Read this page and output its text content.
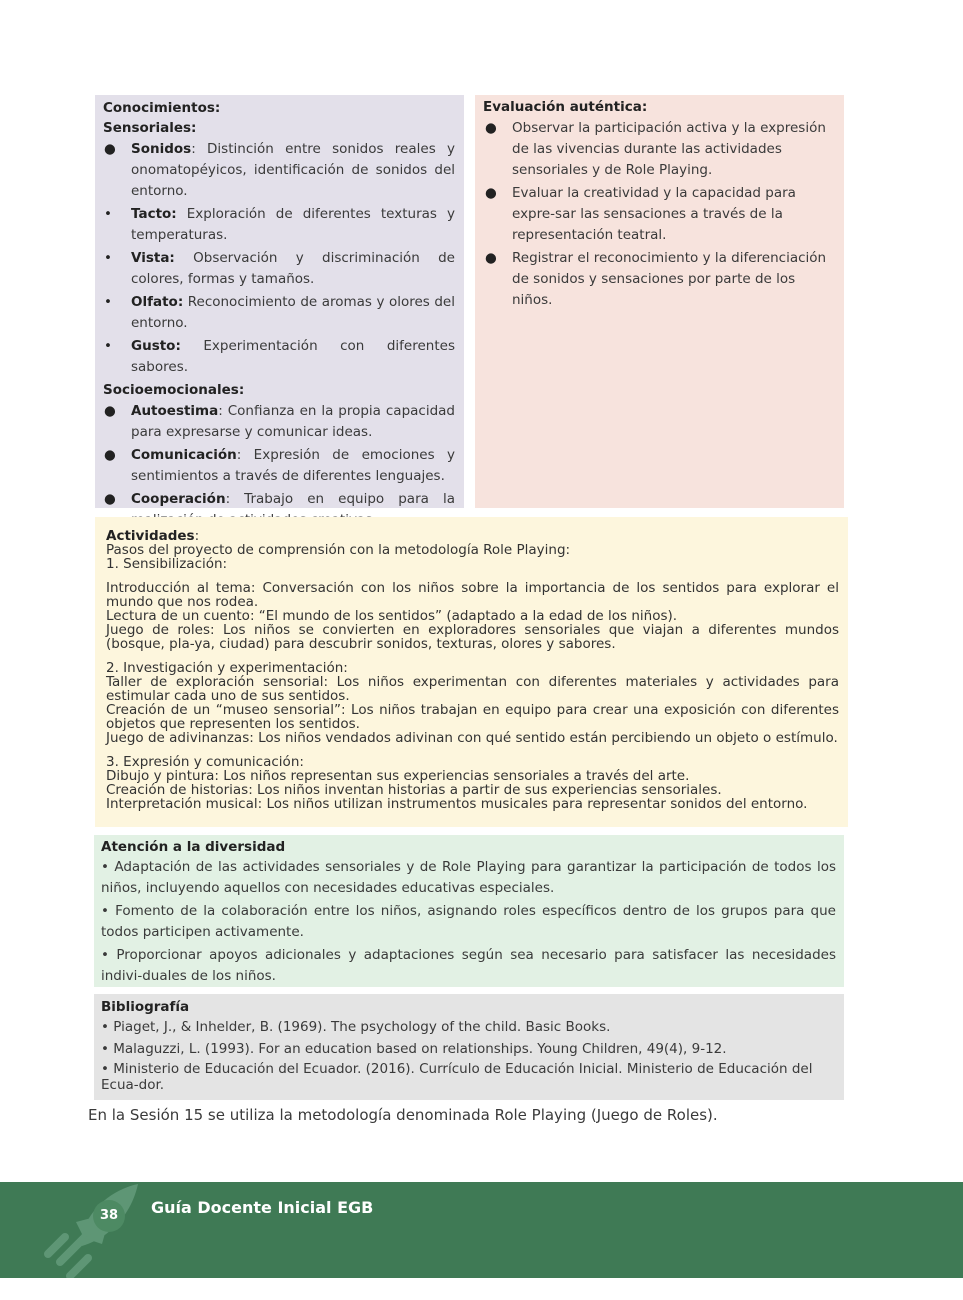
Conocimientos:
Sensoriales:
● Sonidos: Distinción entre sonidos reales y onomatopéyicos, identificación de sonidos del entorno.
• Tacto: Exploración de diferentes texturas y temperaturas.
• Vista: Observación y discriminación de colores, formas y tamaños.
• Olfato: Reconocimiento de aromas y olores del entorno.
• Gusto: Experimentación con diferentes sabores.
Socioemocionales:
● Autoestima: Confianza en la propia capacidad para expresarse y comunicar ideas.
● Comunicación: Expresión de emociones y sentimientos a través de diferentes lenguajes.
● Cooperación: Trabajo en equipo para la
Evaluación auténtica:
● Observar la participación activa y la expresión de las vivencias durante las actividades sensoriales y de Role Playing.
● Evaluar la creatividad y la capacidad para expre-sar las sensaciones a través de la representación teatral.
● Registrar el reconocimiento y la diferenciación de sonidos y sensaciones por parte de los niños.

Actividades:

Pasos del proyecto de comprensión con la metodología Role Playing:

1. Sensibilización:

Introducción al tema: Conversación con los niños sobre la importancia de los sentidos para explorar el mundo que nos rodea.

Lectura de un cuento: “El mundo de los sentidos” (adaptado a la edad de los niños).

Juego de roles: Los niños se convierten en exploradores sensoriales que viajan a diferentes mundos (bosque, pla-ya, ciudad) para descubrir sonidos, texturas, olores y sabores.

2. Investigación y experimentación:

Taller de exploración sensorial: Los niños experimentan con diferentes materiales y actividades para estimular cada uno de sus sentidos.

Creación de un “museo sensorial”: Los niños trabajan en equipo para crear una exposición con diferentes objetos que representen los sentidos.

Juego de adivinanzas: Los niños vendados adivinan con qué sentido están percibiendo un objeto o estímulo.

3. Expresión y comunicación:

Dibujo y pintura: Los niños representan sus experiencias sensoriales a través del arte.

Creación de historias: Los niños inventan historias a partir de sus experiencias sensoriales.

Interpretación musical: Los niños utilizan instrumentos musicales para representar sonidos del entorno.

Atención a la diversidad

• Adaptación de las actividades sensoriales y de Role Playing para garantizar la participación de todos los niños, incluyendo aquellos con necesidades educativas especiales.

• Fomento de la colaboración entre los niños, asignando roles específicos dentro de los grupos para que todos participen activamente.

• Proporcionar apoyos adicionales y adaptaciones según sea necesario para satisfacer las necesidades indivi-duales de los niños.

Bibliografía

• Piaget, J., & Inhelder, B. (1969). The psychology of the child. Basic Books.

• Malaguzzi, L. (1993). For an education based on relationships. Young Children, 49(4), 9-12.

• Ministerio de Educación del Ecuador. (2016). Currículo de Educación Inicial. Ministerio de Educación del Ecua-dor.

En la Sesión 15 se utiliza la metodología denominada Role Playing (Juego de Roles).
38	Guía Docente Inicial EGB
